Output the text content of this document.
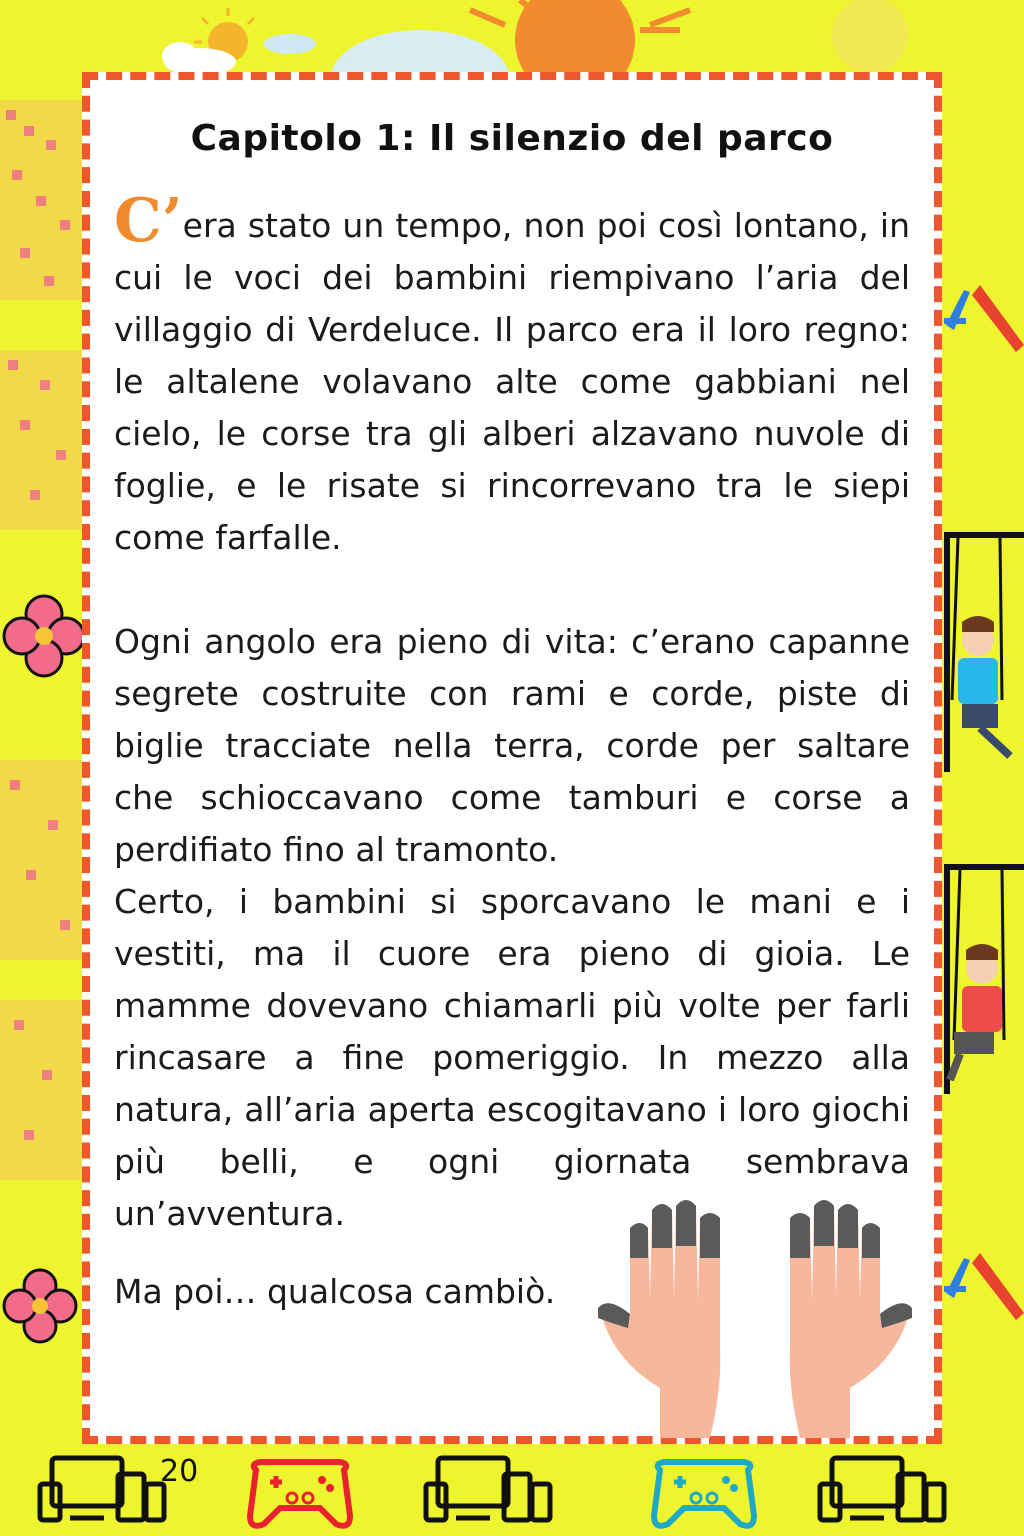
Capitolo 1: Il silenzio del parco

C’era stato un tempo, non poi così lontano, in cui le voci dei bambini riempivano l’aria del villaggio di Verdeluce. Il parco era il loro regno: le altalene volavano alte come gabbiani nel cielo, le corse tra gli alberi alzavano nuvole di foglie, e le risate si rincorrevano tra le siepi come farfalle.

Ogni angolo era pieno di vita: c’erano capanne segrete costruite con rami e corde, piste di biglie tracciate nella terra, corde per saltare che schioccavano come tamburi e corse a perdifiato fino al tramonto.

Certo, i bambini si sporcavano le mani e i vestiti, ma il cuore era pieno di gioia. Le mamme dovevano chiamarli più volte per farli rincasare a fine pomeriggio. In mezzo alla natura, all’aria aperta escogitavano i loro giochi più belli, e ogni giornata sembrava un’avventura.

Ma poi… qualcosa cambiò.

20
